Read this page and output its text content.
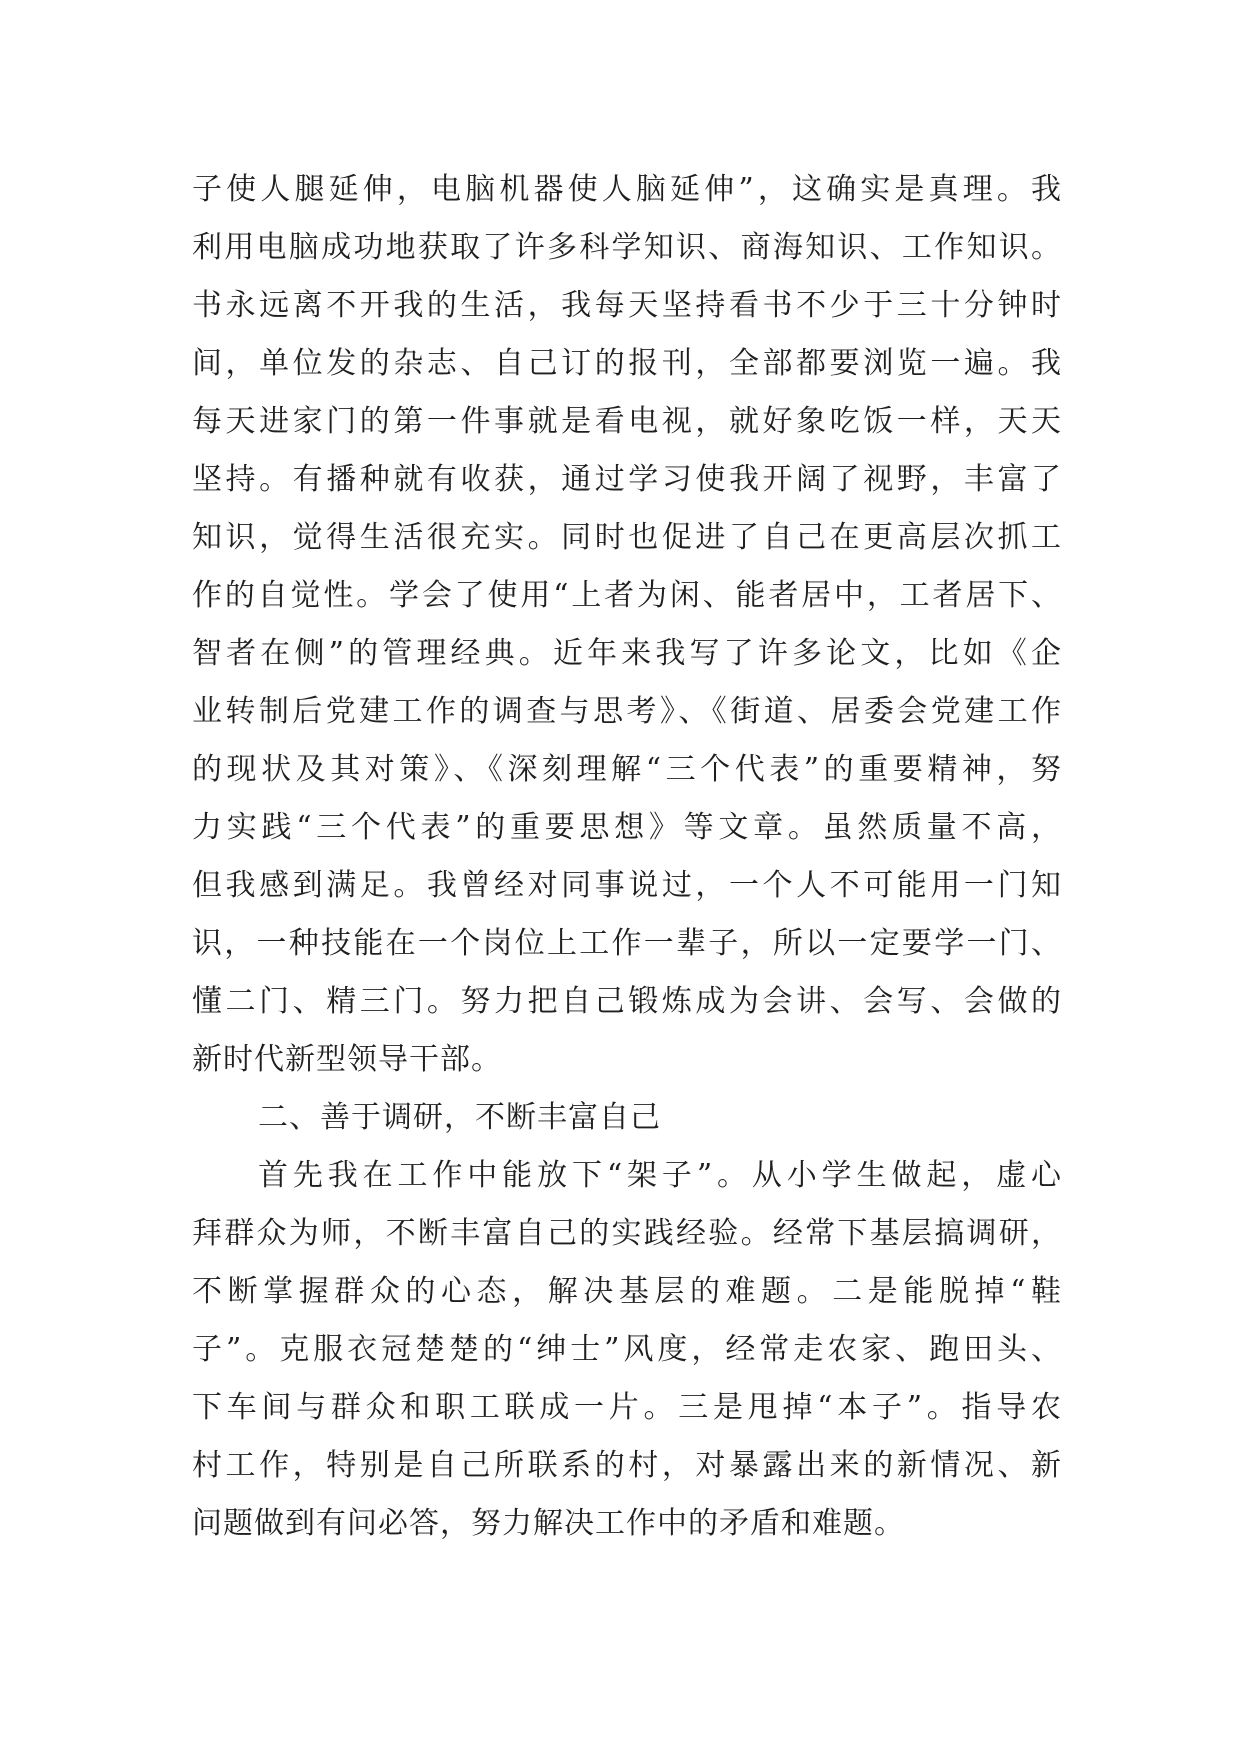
子使人腿延伸，电脑机器使人脑延伸”，这确实是真理。我
利用电脑成功地获取了许多科学知识、商海知识、工作知识。
书永远离不开我的生活，我每天坚持看书不少于三十分钟时
间，单位发的杂志、自己订的报刊，全部都要浏览一遍。我
每天进家门的第一件事就是看电视，就好象吃饭一样，天天
坚持。有播种就有收获，通过学习使我开阔了视野，丰富了
知识，觉得生活很充实。同时也促进了自己在更高层次抓工
作的自觉性。学会了使用“上者为闲、能者居中，工者居下、
智者在侧”的管理经典。近年来我写了许多论文，比如《企
业转制后党建工作的调查与思考》、《街道、居委会党建工作
的现状及其对策》、《深刻理解“三个代表”的重要精神，努
力实践“三个代表”的重要思想》等文章。虽然质量不高，
但我感到满足。我曾经对同事说过，一个人不可能用一门知
识，一种技能在一个岗位上工作一辈子，所以一定要学一门、
懂二门、精三门。努力把自己锻炼成为会讲、会写、会做的
新时代新型领导干部。
二、善于调研，不断丰富自己
首先我在工作中能放下“架子”。从小学生做起，虚心
拜群众为师，不断丰富自己的实践经验。经常下基层搞调研，
不断掌握群众的心态，解决基层的难题。二是能脱掉“鞋
子”。克服衣冠楚楚的“绅士”风度，经常走农家、跑田头、
下车间与群众和职工联成一片。三是甩掉“本子”。指导农
村工作，特别是自己所联系的村，对暴露出来的新情况、新
问题做到有问必答，努力解决工作中的矛盾和难题。
